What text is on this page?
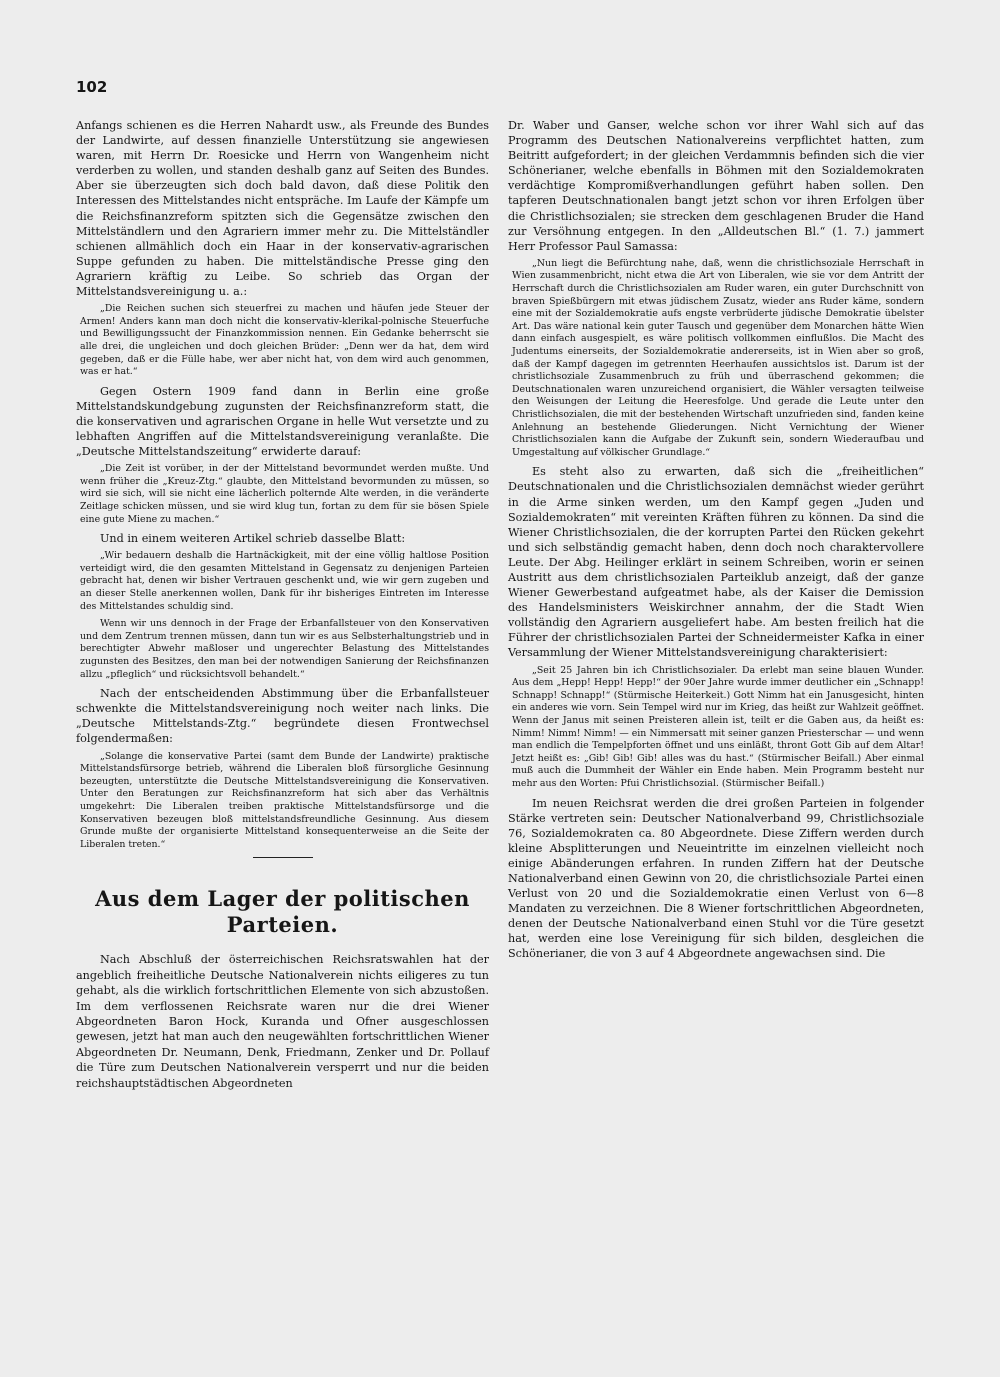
102

Anfangs schienen es die Herren Nahardt usw., als Freunde des Bundes der Landwirte, auf dessen finanzielle Unterstützung sie angewiesen waren, mit Herrn Dr. Roesicke und Herrn von Wangenheim nicht verderben zu wollen, und standen deshalb ganz auf Seiten des Bundes. Aber sie überzeugten sich doch bald davon, daß diese Politik den Interessen des Mittelstandes nicht entspräche. Im Laufe der Kämpfe um die Reichsfinanzreform spitzten sich die Gegensätze zwischen den Mittelständlern und den Agrariern immer mehr zu. Die Mittelständler schienen allmählich doch ein Haar in der konservativ-agrarischen Suppe gefunden zu haben. Die mittelständische Presse ging den Agrariern kräftig zu Leibe. So schrieb das Organ der Mittelstandsvereinigung u. a.:

„Die Reichen suchen sich steuerfrei zu machen und häufen jede Steuer der Armen! Anders kann man doch nicht die konservativ-klerikal-polnische Steuerfuche und Bewilligungssucht der Finanzkommission nennen. Ein Gedanke beherrscht sie alle drei, die ungleichen und doch gleichen Brüder: „Denn wer da hat, dem wird gegeben, daß er die Fülle habe, wer aber nicht hat, von dem wird auch genommen, was er hat.“

Gegen Ostern 1909 fand dann in Berlin eine große Mittelstandskundgebung zugunsten der Reichsfinanzreform statt, die die konservativen und agrarischen Organe in helle Wut versetzte und zu lebhaften Angriffen auf die Mittelstandsvereinigung veranlaßte. Die „Deutsche Mittelstandszeitung“ erwiderte darauf:

„Die Zeit ist vorüber, in der der Mittelstand bevormundet werden mußte. Und wenn früher die „Kreuz-Ztg.“ glaubte, den Mittelstand bevormunden zu müssen, so wird sie sich, will sie nicht eine lächerlich polternde Alte werden, in die veränderte Zeitlage schicken müssen, und sie wird klug tun, fortan zu dem für sie bösen Spiele eine gute Miene zu machen.“

Und in einem weiteren Artikel schrieb dasselbe Blatt:

„Wir bedauern deshalb die Hartnäckigkeit, mit der eine völlig haltlose Position verteidigt wird, die den gesamten Mittelstand in Gegensatz zu denjenigen Parteien gebracht hat, denen wir bisher Vertrauen geschenkt und, wie wir gern zugeben und an dieser Stelle anerkennen wollen, Dank für ihr bisheriges Eintreten im Interesse des Mittelstandes schuldig sind.

Wenn wir uns dennoch in der Frage der Erbanfallsteuer von den Konservativen und dem Zentrum trennen müssen, dann tun wir es aus Selbsterhaltungstrieb und in berechtigter Abwehr maßloser und ungerechter Belastung des Mittelstandes zugunsten des Besitzes, den man bei der notwendigen Sanierung der Reichsfinanzen allzu „pfleglich“ und rücksichtsvoll behandelt.“

Nach der entscheidenden Abstimmung über die Erbanfallsteuer schwenkte die Mittelstandsvereinigung noch weiter nach links. Die „Deutsche Mittelstands-Ztg.“ begründete diesen Frontwechsel folgendermaßen:

„Solange die konservative Partei (samt dem Bunde der Landwirte) praktische Mittelstandsfürsorge betrieb, während die Liberalen bloß fürsorgliche Gesinnung bezeugten, unterstützte die Deutsche Mittelstandsvereinigung die Konservativen. Unter den Beratungen zur Reichsfinanzreform hat sich aber das Verhältnis umgekehrt: Die Liberalen treiben praktische Mittelstandsfürsorge und die Konservativen bezeugen bloß mittelstandsfreundliche Gesinnung. Aus diesem Grunde mußte der organisierte Mittelstand konsequenterweise an die Seite der Liberalen treten.“

Aus dem Lager der politischen Parteien.

Nach Abschluß der österreichischen Reichsratswahlen hat der angeblich freiheitliche Deutsche Nationalverein nichts eiligeres zu tun gehabt, als die wirklich fortschrittlichen Elemente von sich abzustoßen. Im dem verflossenen Reichsrate waren nur die drei Wiener Abgeordneten Baron Hock, Kuranda und Ofner ausgeschlossen gewesen, jetzt hat man auch den neugewählten fortschrittlichen Wiener Abgeordneten Dr. Neumann, Denk, Friedmann, Zenker und Dr. Pollauf die Türe zum Deutschen Nationalverein versperrt und nur die beiden reichshauptstädtischen Abgeordneten

Dr. Waber und Ganser, welche schon vor ihrer Wahl sich auf das Programm des Deutschen Nationalvereins verpflichtet hatten, zum Beitritt aufgefordert; in der gleichen Verdammnis befinden sich die vier Schönerianer, welche ebenfalls in Böhmen mit den Sozialdemokraten verdächtige Kompromißverhandlungen geführt haben sollen. Den tapferen Deutschnationalen bangt jetzt schon vor ihren Erfolgen über die Christlichsozialen; sie strecken dem geschlagenen Bruder die Hand zur Versöhnung entgegen. In den „Alldeutschen Bl.“ (1. 7.) jammert Herr Professor Paul Samassa:

„Nun liegt die Befürchtung nahe, daß, wenn die christlichsoziale Herrschaft in Wien zusammenbricht, nicht etwa die Art von Liberalen, wie sie vor dem Antritt der Herrschaft durch die Christlichsozialen am Ruder waren, ein guter Durchschnitt von braven Spießbürgern mit etwas jüdischem Zusatz, wieder ans Ruder käme, sondern eine mit der Sozialdemokratie aufs engste verbrüderte jüdische Demokratie übelster Art. Das wäre national kein guter Tausch und gegenüber dem Monarchen hätte Wien dann einfach ausgespielt, es wäre politisch vollkommen einflußlos. Die Macht des Judentums einerseits, der Sozialdemokratie andererseits, ist in Wien aber so groß, daß der Kampf dagegen im getrennten Heerhaufen aussichtslos ist. Darum ist der christlichsoziale Zusammenbruch zu früh und überraschend gekommen; die Deutschnationalen waren unzureichend organisiert, die Wähler versagten teilweise den Weisungen der Leitung die Heeresfolge. Und gerade die Leute unter den Christlichsozialen, die mit der bestehenden Wirtschaft unzufrieden sind, fanden keine Anlehnung an bestehende Gliederungen. Nicht Vernichtung der Wiener Christlichsozialen kann die Aufgabe der Zukunft sein, sondern Wiederaufbau und Umgestaltung auf völkischer Grundlage.“

Es steht also zu erwarten, daß sich die „freiheitlichen“ Deutschnationalen und die Christlichsozialen demnächst wieder gerührt in die Arme sinken werden, um den Kampf gegen „Juden und Sozialdemokraten“ mit vereinten Kräften führen zu können. Da sind die Wiener Christlichsozialen, die der korrupten Partei den Rücken gekehrt und sich selbständig gemacht haben, denn doch noch charaktervollere Leute. Der Abg. Heilinger erklärt in seinem Schreiben, worin er seinen Austritt aus dem christlichsozialen Parteiklub anzeigt, daß der ganze Wiener Gewerbestand aufgeatmet habe, als der Kaiser die Demission des Handelsministers Weiskirchner annahm, der die Stadt Wien vollständig den Agrariern ausgeliefert habe. Am besten freilich hat die Führer der christlichsozialen Partei der Schneidermeister Kafka in einer Versammlung der Wiener Mittelstandsvereinigung charakterisiert:

„Seit 25 Jahren bin ich Christlichsozialer. Da erlebt man seine blauen Wunder. Aus dem „Hepp! Hepp! Hepp!“ der 90er Jahre wurde immer deutlicher ein „Schnapp! Schnapp! Schnapp!“ (Stürmische Heiterkeit.) Gott Nimm hat ein Janusgesicht, hinten ein anderes wie vorn. Sein Tempel wird nur im Krieg, das heißt zur Wahlzeit geöffnet. Wenn der Janus mit seinen Preisteren allein ist, teilt er die Gaben aus, da heißt es: Nimm! Nimm! Nimm! — ein Nimmersatt mit seiner ganzen Priesterschar — und wenn man endlich die Tempelpforten öffnet und uns einläßt, thront Gott Gib auf dem Altar! Jetzt heißt es: „Gib! Gib! Gib! alles was du hast.“ (Stürmischer Beifall.) Aber einmal muß auch die Dummheit der Wähler ein Ende haben. Mein Programm besteht nur mehr aus den Worten: Pfui Christlichsozial. (Stürmischer Beifall.)

Im neuen Reichsrat werden die drei großen Parteien in folgender Stärke vertreten sein: Deutscher Nationalverband 99, Christlichsoziale 76, Sozialdemokraten ca. 80 Abgeordnete. Diese Ziffern werden durch kleine Absplitterungen und Neueintritte im einzelnen vielleicht noch einige Abänderungen erfahren. In runden Ziffern hat der Deutsche Nationalverband einen Gewinn von 20, die christlichsoziale Partei einen Verlust von 20 und die Sozialdemokratie einen Verlust von 6—8 Mandaten zu verzeichnen. Die 8 Wiener fortschrittlichen Abgeordneten, denen der Deutsche Nationalverband einen Stuhl vor die Türe gesetzt hat, werden eine lose Vereinigung für sich bilden, desgleichen die Schönerianer, die von 3 auf 4 Abgeordnete angewachsen sind. Die
